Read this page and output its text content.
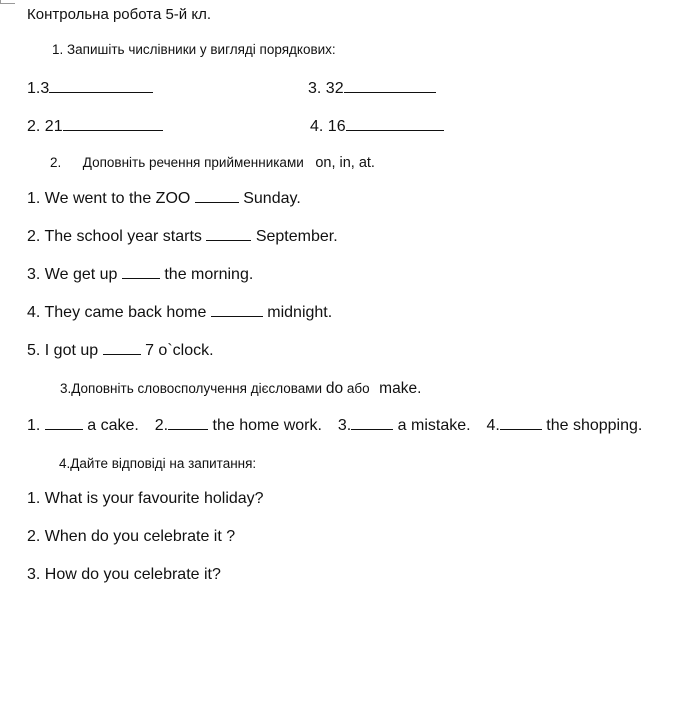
Контрольна робота 5-й кл.
1. Запишіть числівники у вигляді порядкових:
1.3	3. 32
2. 21	4. 16
2. Доповніть речення прийменниками on, in, at.
1. We went to the ZOO	Sunday.
2. The school year starts	September.
3. We get up	the morning.
4. They came back home	midnight.
5. I got up	7 o`clock.
3.Доповніть словосполучення дієсловами do або make.
1.	a cake. 2.	the home work. 3.	a mistake. 4.	the shopping.
4.Дайте відповіді на запитання:
1. What is your favourite holiday?
2. When do you celebrate it ?
3. How do you celebrate it?
